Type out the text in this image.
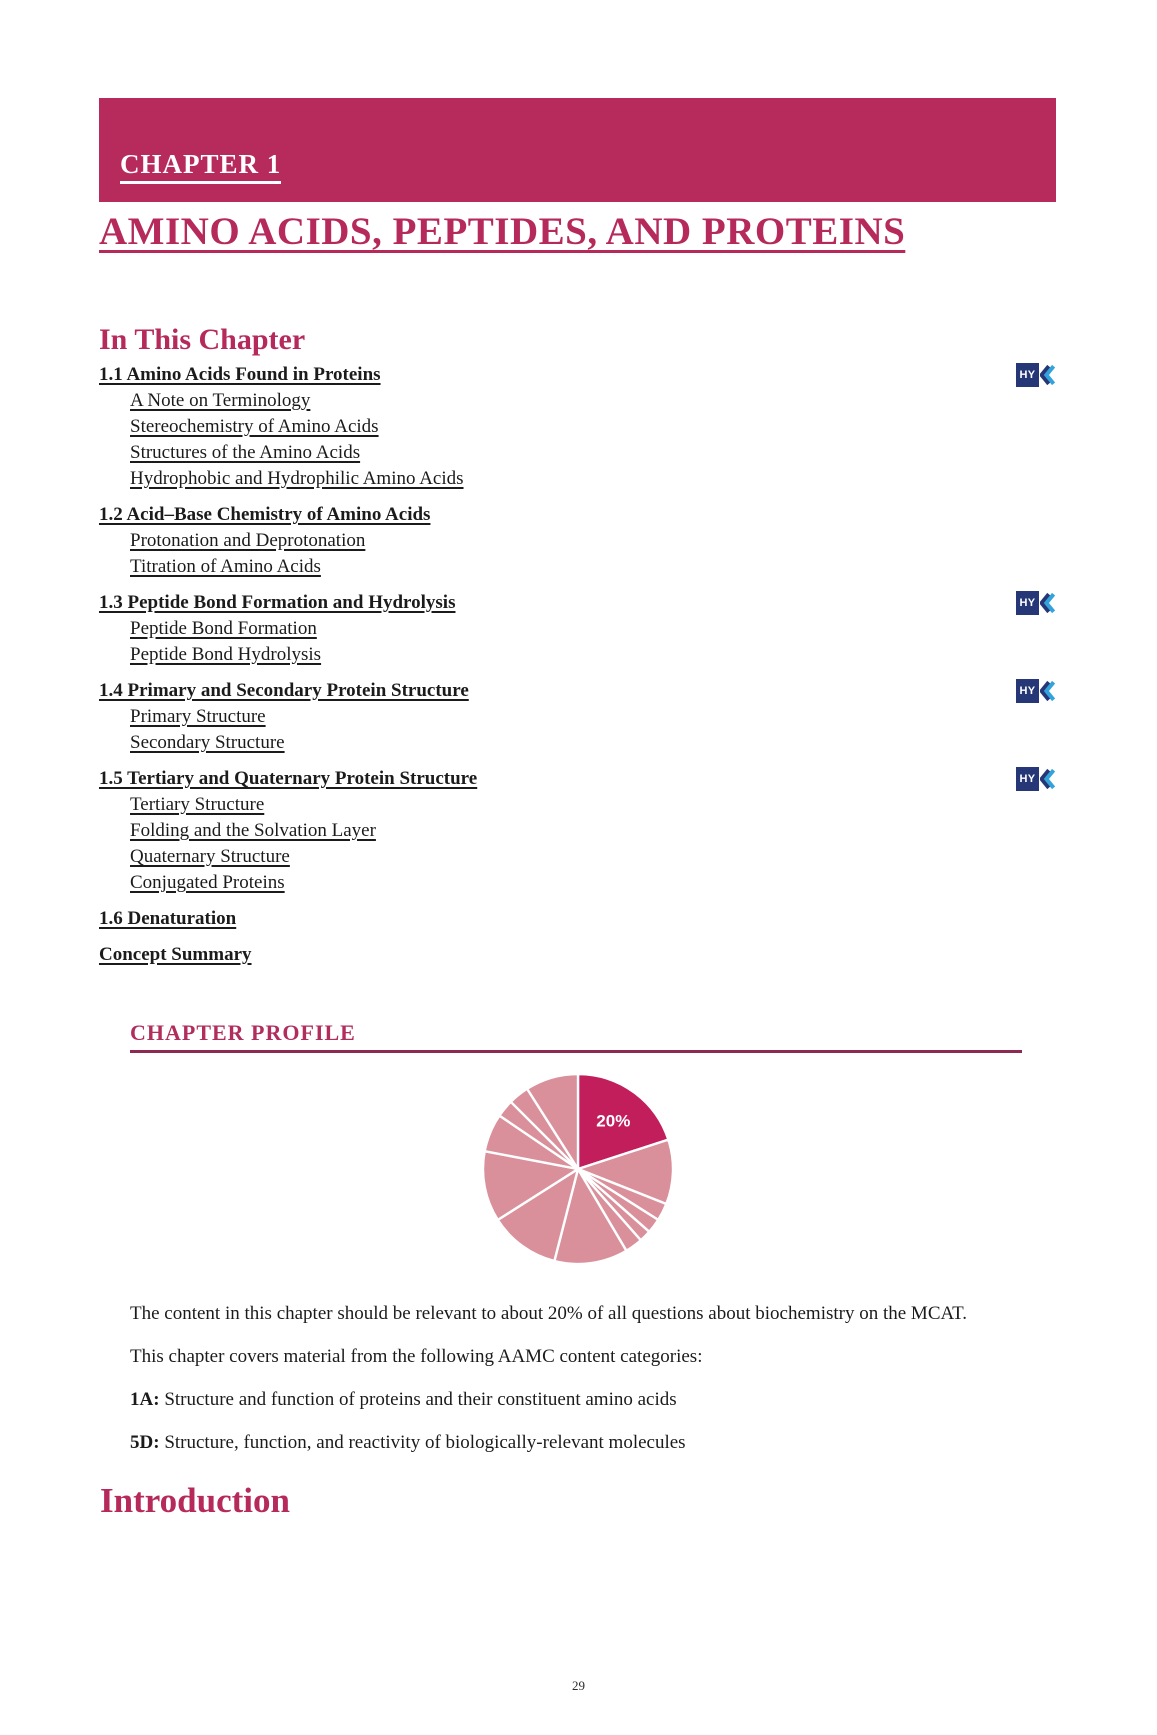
CHAPTER 1
AMINO ACIDS, PEPTIDES, AND PROTEINS
In This Chapter
1.1 Amino Acids Found in Proteins	HY
A Note on Terminology
Stereochemistry of Amino Acids
Structures of the Amino Acids
Hydrophobic and Hydrophilic Amino Acids
1.2 Acid–Base Chemistry of Amino Acids
Protonation and Deprotonation
Titration of Amino Acids
1.3 Peptide Bond Formation and Hydrolysis	HY
Peptide Bond Formation
Peptide Bond Hydrolysis
1.4 Primary and Secondary Protein Structure	HY
Primary Structure
Secondary Structure
1.5 Tertiary and Quaternary Protein Structure	HY
Tertiary Structure
Folding and the Solvation Layer
Quaternary Structure
Conjugated Proteins
1.6 Denaturation
Concept Summary
CHAPTER PROFILE
20%

The content in this chapter should be relevant to about 20% of all questions about biochemistry on the MCAT.

This chapter covers material from the following AAMC content categories:

1A: Structure and function of proteins and their constituent amino acids

5D: Structure, function, and reactivity of biologically-relevant molecules

Introduction
29
